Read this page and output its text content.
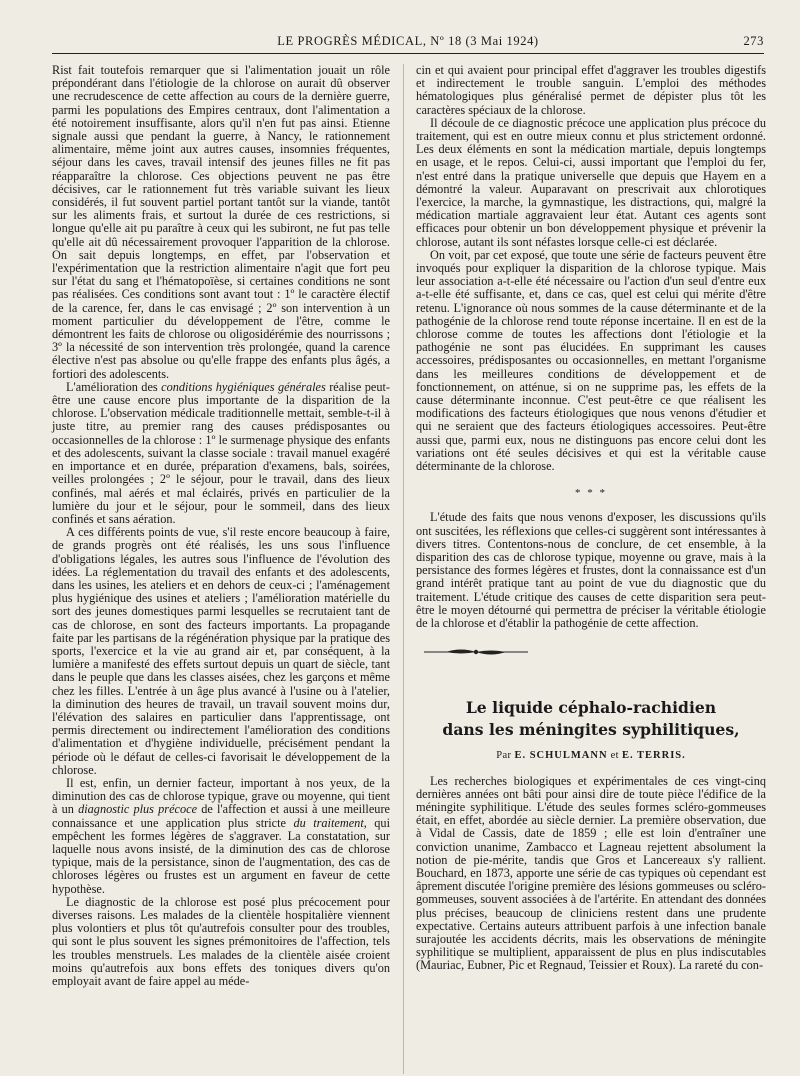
LE PROGRÈS MÉDICAL, Nº 18 (3 Mai 1924)	273

Rist fait toutefois remarquer que si l'alimentation jouait un rôle prépondérant dans l'étiologie de la chlorose on aurait dû observer une recrudescence de cette affection au cours de la dernière guerre, parmi les populations des Empires centraux, dont l'alimentation a été notoirement insuffisante, alors qu'il n'en fut pas ainsi. Etienne signale aussi que pendant la guerre, à Nancy, le rationnement alimentaire, même joint aux autres causes, insomnies fréquentes, séjour dans les caves, travail intensif des jeunes filles ne fit pas réapparaître la chlorose. Ces objections peuvent ne pas être décisives, car le rationnement fut très variable suivant les lieux considérés, il fut souvent partiel portant tantôt sur la viande, tantôt sur les aliments frais, et surtout la durée de ces restrictions, si longue qu'elle ait pu paraître à ceux qui les subiront, ne fut pas telle qu'elle ait dû nécessairement provoquer l'apparition de la chlorose. On sait depuis longtemps, en effet, par l'observation et l'expérimentation que la restriction alimentaire n'agit que fort peu sur l'état du sang et l'hématopoïèse, si certaines conditions ne sont pas réalisées. Ces conditions sont avant tout : 1º le caractère électif de la carence, fer, dans le cas envisagé ; 2º son intervention à un moment particulier du développement de l'être, comme le démontrent les faits de chlorose ou oligosidérémie des nourrissons ; 3º la nécessité de son intervention très prolongée, quand la carence élective n'est pas absolue ou qu'elle frappe des enfants plus âgés, a fortiori des adolescents.

L'amélioration des conditions hygiéniques générales réalise peut-être une cause encore plus importante de la disparition de la chlorose. L'observation médicale traditionnelle mettait, semble-t-il à juste titre, au premier rang des causes prédisposantes ou occasionnelles de la chlorose : 1º le surmenage physique des enfants et des adolescents, suivant la classe sociale : travail manuel exagéré en importance et en durée, préparation d'examens, bals, soirées, veilles prolongées ; 2º le séjour, pour le travail, dans des lieux confinés, mal aérés et mal éclairés, privés en particulier de la lumière du jour et le séjour, pour le sommeil, dans des lieux confinés et sans aération.

A ces différents points de vue, s'il reste encore beaucoup à faire, de grands progrès ont été réalisés, les uns sous l'influence d'obligations légales, les autres sous l'influence de l'évolution des idées. La réglementation du travail des enfants et des adolescents, dans les usines, les ateliers et en dehors de ceux-ci ; l'aménagement plus hygiénique des usines et ateliers ; l'amélioration matérielle du sort des jeunes domestiques parmi lesquelles se recrutaient tant de cas de chlorose, en sont des facteurs importants. La propagande faite par les partisans de la régénération physique par la pratique des sports, l'exercice et la vie au grand air et, par conséquent, à la lumière a manifesté des effets surtout depuis un quart de siècle, tant dans le peuple que dans les classes aisées, chez les garçons et même chez les filles. L'entrée à un âge plus avancé à l'usine ou à l'atelier, la diminution des heures de travail, un travail souvent moins dur, l'élévation des salaires en particulier dans l'apprentissage, ont permis directement ou indirectement l'amélioration des conditions d'alimentation et d'hygiène individuelle, précisément pendant la période où le défaut de celles-ci favorisait le développement de la chlorose.

Il est, enfin, un dernier facteur, important à nos yeux, de la diminution des cas de chlorose typique, grave ou moyenne, qui tient à un diagnostic plus précoce de l'affection et aussi à une meilleure connaissance et une application plus stricte du traitement, qui empêchent les formes légères de s'aggraver. La constatation, sur laquelle nous avons insisté, de la diminution des cas de chlorose typique, mais de la persistance, sinon de l'augmentation, des cas de chloroses légères ou frustes est un argument en faveur de cette hypothèse.

Le diagnostic de la chlorose est posé plus précocement pour diverses raisons. Les malades de la clientèle hospitalière viennent plus volontiers et plus tôt qu'autrefois consulter pour des troubles, qui sont le plus souvent les signes prémonitoires de l'affection, tels les troubles menstruels. Les malades de la clientèle aisée croient moins qu'autrefois aux bons effets des toniques divers qu'on employait avant de faire appel au méde-

cin et qui avaient pour principal effet d'aggraver les troubles digestifs et indirectement le trouble sanguin. L'emploi des méthodes hématologiques plus généralisé permet de dépister plus tôt les caractères spéciaux de la chlorose.

Il découle de ce diagnostic précoce une application plus précoce du traitement, qui est en outre mieux connu et plus strictement ordonné. Les deux éléments en sont la médication martiale, depuis longtemps en usage, et le repos. Celui-ci, aussi important que l'emploi du fer, n'est entré dans la pratique universelle que depuis que Hayem en a démontré la valeur. Auparavant on prescrivait aux chlorotiques l'exercice, la marche, la gymnastique, les distractions, qui, malgré la médication martiale aggravaient leur état. Autant ces agents sont efficaces pour obtenir un bon développement physique et prévenir la chlorose, autant ils sont néfastes lorsque celle-ci est déclarée.

On voit, par cet exposé, que toute une série de facteurs peuvent être invoqués pour expliquer la disparition de la chlorose typique. Mais leur association a-t-elle été nécessaire ou l'action d'un seul d'entre eux a-t-elle été suffisante, et, dans ce cas, quel est celui qui mérite d'être retenu. L'ignorance où nous sommes de la cause déterminante et de la pathogénie de la chlorose rend toute réponse incertaine. Il en est de la chlorose comme de toutes les affections dont l'étiologie et la pathogénie ne sont pas élucidées. En supprimant les causes accessoires, prédisposantes ou occasionnelles, en mettant l'organisme dans les meilleures conditions de développement et de fonctionnement, on atténue, si on ne supprime pas, les effets de la cause déterminante inconnue. C'est peut-être ce que réalisent les modifications des facteurs étiologiques que nous venons d'étudier et qui ne seraient que des facteurs étiologiques accessoires. Peut-être aussi que, parmi eux, nous ne distinguons pas encore celui dont les variations ont été seules décisives et qui est la véritable cause déterminante de la chlorose.

* * *

L'étude des faits que nous venons d'exposer, les discussions qu'ils ont suscitées, les réflexions que celles-ci suggèrent sont intéressantes à divers titres. Contentons-nous de conclure, de cet ensemble, à la disparition des cas de chlorose typique, moyenne ou grave, mais à la persistance des formes légères et frustes, dont la connaissance est d'un grand intérêt pratique tant au point de vue du diagnostic que du traitement. L'étude critique des causes de cette disparition sera peut-être le moyen détourné qui permettra de préciser la véritable étiologie de la chlorose et d'établir la pathogénie de cette affection.

Le liquide céphalo-rachidien
dans les méningites syphilitiques,
Par E. SCHULMANN et E. TERRIS.

Les recherches biologiques et expérimentales de ces vingt-cinq dernières années ont bâti pour ainsi dire de toute pièce l'édifice de la méningite syphilitique. L'étude des seules formes scléro-gommeuses était, en effet, abordée au siècle dernier. La première observation, due à Vidal de Cassis, date de 1859 ; elle est loin d'entraîner une conviction unanime, Zambacco et Lagneau rejettent absolument la notion de pie-mérite, tandis que Gros et Lancereaux s'y rallient. Bouchard, en 1873, apporte une série de cas typiques où cependant est âprement discutée l'origine première des lésions gommeuses ou scléro-gommeuses, souvent associées à de l'artérite. En attendant des données plus précises, beaucoup de cliniciens restent dans une prudente expectative. Certains auteurs attribuent parfois à une infection banale surajoutée les accidents décrits, mais les observations de méningite syphilitique se multiplient, apparaissent de plus en plus indiscutables (Mauriac, Eubner, Pic et Regnaud, Teissier et Roux). La rareté du con-
